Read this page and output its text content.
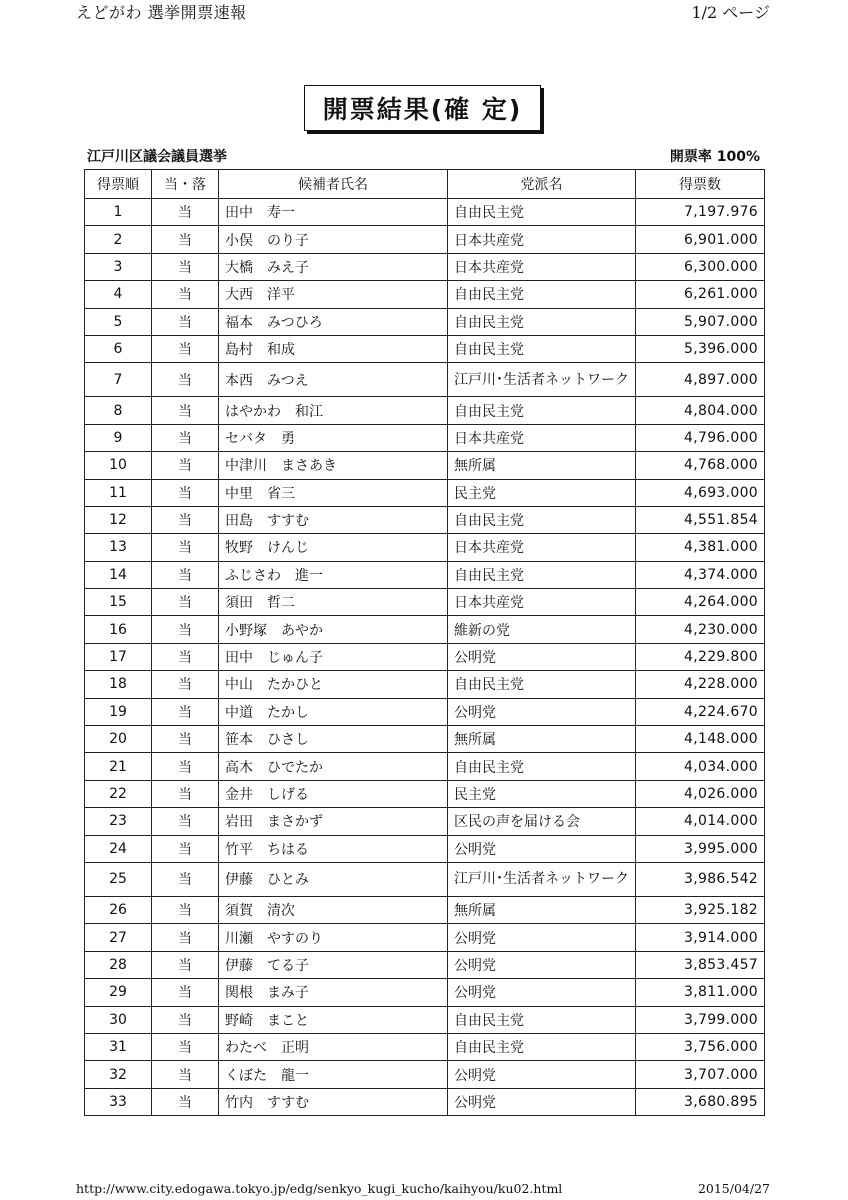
えどがわ 選挙開票速報	1/2 ページ
開票結果(確 定)
江戸川区議会議員選挙	開票率 100%
得票順	当・落	候補者氏名	党派名	得票数
1	当	田中　寿一	自由民主党	7,197.976
2	当	小俣　のり子	日本共産党	6,901.000
3	当	大橋　みえ子	日本共産党	6,300.000
4	当	大西　洋平	自由民主党	6,261.000
5	当	福本　みつひろ	自由民主党	5,907.000
6	当	島村　和成	自由民主党	5,396.000
7	当	本西　みつえ	江戸川･生活者ネットワーク	4,897.000
8	当	はやかわ　和江	自由民主党	4,804.000
9	当	セバタ　勇	日本共産党	4,796.000
10	当	中津川　まさあき	無所属	4,768.000
11	当	中里　省三	民主党	4,693.000
12	当	田島　すすむ	自由民主党	4,551.854
13	当	牧野　けんじ	日本共産党	4,381.000
14	当	ふじさわ　進一	自由民主党	4,374.000
15	当	須田　哲二	日本共産党	4,264.000
16	当	小野塚　あやか	維新の党	4,230.000
17	当	田中　じゅん子	公明党	4,229.800
18	当	中山　たかひと	自由民主党	4,228.000
19	当	中道　たかし	公明党	4,224.670
20	当	笹本　ひさし	無所属	4,148.000
21	当	高木　ひでたか	自由民主党	4,034.000
22	当	金井　しげる	民主党	4,026.000
23	当	岩田　まさかず	区民の声を届ける会	4,014.000
24	当	竹平　ちはる	公明党	3,995.000
25	当	伊藤　ひとみ	江戸川･生活者ネットワーク	3,986.542
26	当	須賀　清次	無所属	3,925.182
27	当	川瀬　やすのり	公明党	3,914.000
28	当	伊藤　てる子	公明党	3,853.457
29	当	関根　まみ子	公明党	3,811.000
30	当	野崎　まこと	自由民主党	3,799.000
31	当	わたべ　正明	自由民主党	3,756.000
32	当	くぼた　龍一	公明党	3,707.000
33	当	竹内　すすむ	公明党	3,680.895
http://www.city.edogawa.tokyo.jp/edg/senkyo_kugi_kucho/kaihyou/ku02.html	2015/04/27
